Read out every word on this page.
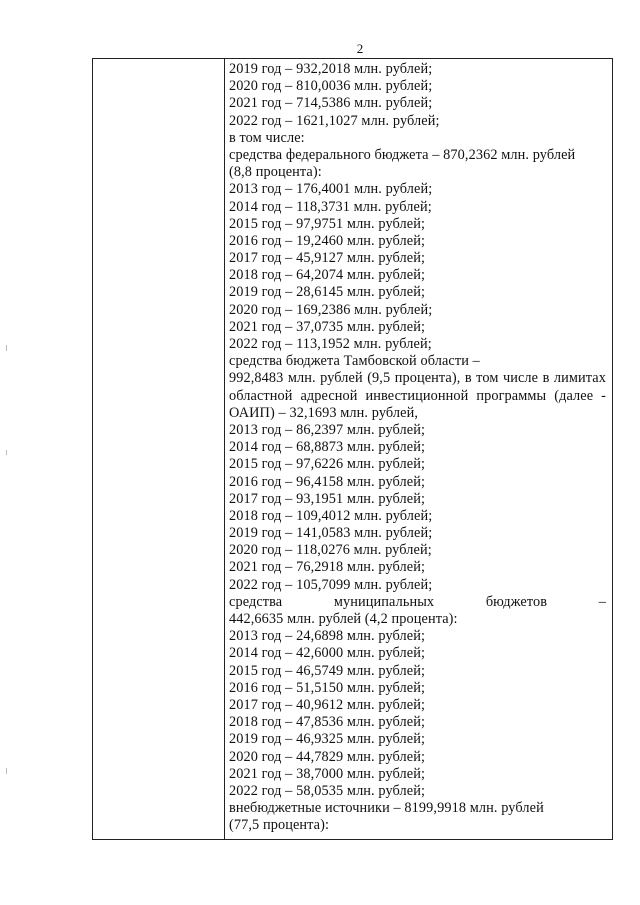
2
2019 год – 932,2018 млн. рублей;
2020 год – 810,0036 млн. рублей;
2021 год – 714,5386 млн. рублей;
2022 год – 1621,1027 млн. рублей;
в том числе:
средства федерального бюджета – 870,2362 млн. рублей
(8,8 процента):
2013 год – 176,4001 млн. рублей;
2014 год – 118,3731 млн. рублей;
2015 год – 97,9751 млн. рублей;
2016 год – 19,2460 млн. рублей;
2017 год – 45,9127 млн. рублей;
2018 год – 64,2074 млн. рублей;
2019 год – 28,6145 млн. рублей;
2020 год – 169,2386 млн. рублей;
2021 год – 37,0735 млн. рублей;
2022 год – 113,1952 млн. рублей;
средства бюджета Тамбовской области –
992,8483 млн. рублей (9,5 процента), в том числе в лимитах областной адресной инвестиционной программы (далее - ОАИП) – 32,1693 млн. рублей,
2013 год – 86,2397 млн. рублей;
2014 год – 68,8873 млн. рублей;
2015 год – 97,6226 млн. рублей;
2016 год – 96,4158 млн. рублей;
2017 год – 93,1951 млн. рублей;
2018 год – 109,4012 млн. рублей;
2019 год – 141,0583 млн. рублей;
2020 год – 118,0276 млн. рублей;
2021 год – 76,2918 млн. рублей;
2022 год – 105,7099 млн. рублей;
средства	муниципальных	бюджетов	–
442,6635 млн. рублей (4,2 процента):
2013 год – 24,6898 млн. рублей;
2014 год – 42,6000 млн. рублей;
2015 год – 46,5749 млн. рублей;
2016 год – 51,5150 млн. рублей;
2017 год – 40,9612 млн. рублей;
2018 год – 47,8536 млн. рублей;
2019 год – 46,9325 млн. рублей;
2020 год – 44,7829 млн. рублей;
2021 год – 38,7000 млн. рублей;
2022 год – 58,0535 млн. рублей;
внебюджетные источники – 8199,9918 млн. рублей
(77,5 процента):
